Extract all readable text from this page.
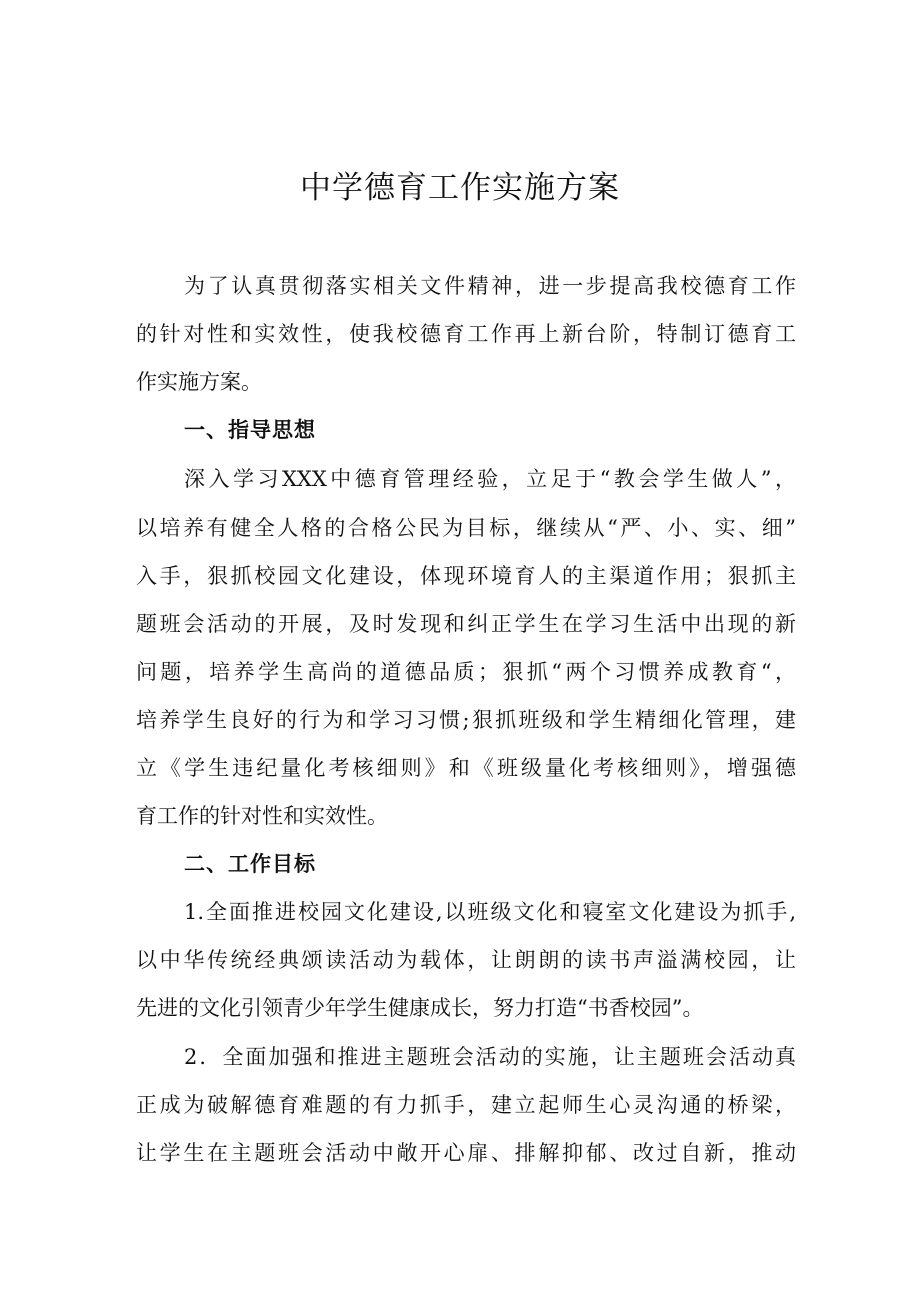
中学德育工作实施方案
为了认真贯彻落实相关文件精神，进一步提高我校德育工作
的针对性和实效性，使我校德育工作再上新台阶，特制订德育工
作实施方案。
一、指导思想
深入学习XXX中德育管理经验，立足于“教会学生做人”，
以培养有健全人格的合格公民为目标，继续从“严、小、实、细”
入手，狠抓校园文化建设，体现环境育人的主渠道作用；狠抓主
题班会活动的开展，及时发现和纠正学生在学习生活中出现的新
问题，培养学生高尚的道德品质；狠抓“两个习惯养成教育“，
培养学生良好的行为和学习习惯;狠抓班级和学生精细化管理，建
立《学生违纪量化考核细则》和《班级量化考核细则》，增强德
育工作的针对性和实效性。
二、工作目标
1.全面推进校园文化建设,以班级文化和寝室文化建设为抓手,
以中华传统经典颂读活动为载体，让朗朗的读书声溢满校园，让
先进的文化引领青少年学生健康成长，努力打造“书香校园”。
2．全面加强和推进主题班会活动的实施，让主题班会活动真
正成为破解德育难题的有力抓手，建立起师生心灵沟通的桥梁，
让学生在主题班会活动中敞开心扉、排解抑郁、改过自新，推动
